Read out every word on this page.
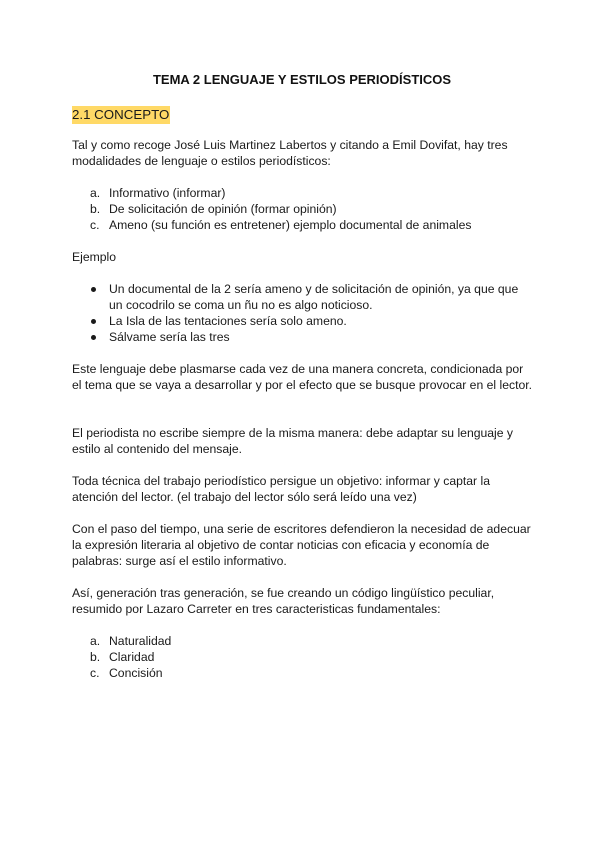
TEMA 2 LENGUAJE Y ESTILOS PERIODÍSTICOS
2.1 CONCEPTO

Tal y como recoge José Luis Martinez Labertos y citando a Emil Dovifat, hay tres modalidades de lenguaje o estilos periodísticos:

a. Informativo (informar)
b. De solicitación de opinión (formar opinión)
c. Ameno (su función es entretener) ejemplo documental de animales

Ejemplo

Un documental de la 2 sería ameno y de solicitación de opinión, ya que que un cocodrilo se coma un ñu no es algo noticioso.
La Isla de las tentaciones sería solo ameno.
Sálvame sería las tres

Este lenguaje debe plasmarse cada vez de una manera concreta, condicionada por el tema que se vaya a desarrollar y por el efecto que se busque provocar en el lector.

El periodista no escribe siempre de la misma manera: debe adaptar su lenguaje y estilo al contenido del mensaje.

Toda técnica del trabajo periodístico persigue un objetivo: informar y captar la atención del lector. (el trabajo del lector sólo será leído una vez)

Con el paso del tiempo, una serie de escritores defendieron la necesidad de adecuar la expresión literaria al objetivo de contar noticias con eficacia y economía de palabras: surge así el estilo informativo.

Así, generación tras generación, se fue creando un código lingüístico peculiar, resumido por Lazaro Carreter en tres caracteristicas fundamentales:

a. Naturalidad
b. Claridad
c. Concisión
